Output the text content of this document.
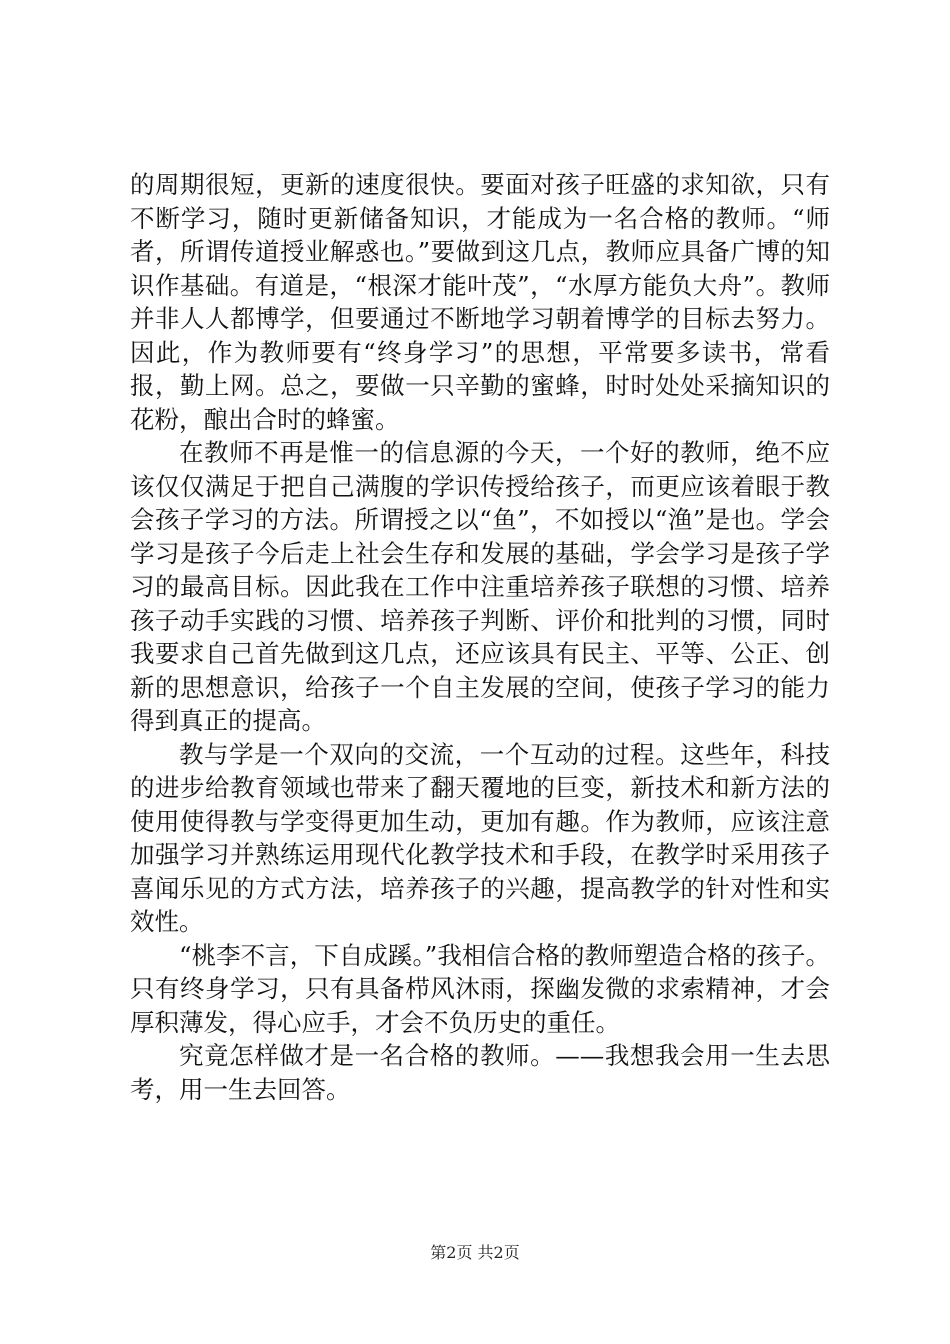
的周期很短，更新的速度很快。要面对孩子旺盛的求知欲，只有不断学习，随时更新储备知识，才能成为一名合格的教师。“师者，所谓传道授业解惑也。”要做到这几点，教师应具备广博的知识作基础。有道是，“根深才能叶茂”，“水厚方能负大舟”。教师并非人人都博学，但要通过不断地学习朝着博学的目标去努力。因此，作为教师要有“终身学习”的思想，平常要多读书，常看报，勤上网。总之，要做一只辛勤的蜜蜂，时时处处采摘知识的花粉，酿出合时的蜂蜜。

在教师不再是惟一的信息源的今天，一个好的教师，绝不应该仅仅满足于把自己满腹的学识传授给孩子，而更应该着眼于教会孩子学习的方法。所谓授之以“鱼”，不如授以“渔”是也。学会学习是孩子今后走上社会生存和发展的基础，学会学习是孩子学习的最高目标。因此我在工作中注重培养孩子联想的习惯、培养孩子动手实践的习惯、培养孩子判断、评价和批判的习惯，同时我要求自己首先做到这几点，还应该具有民主、平等、公正、创新的思想意识，给孩子一个自主发展的空间，使孩子学习的能力得到真正的提高。

教与学是一个双向的交流，一个互动的过程。这些年，科技的进步给教育领域也带来了翻天覆地的巨变，新技术和新方法的使用使得教与学变得更加生动，更加有趣。作为教师，应该注意加强学习并熟练运用现代化教学技术和手段，在教学时采用孩子喜闻乐见的方式方法，培养孩子的兴趣，提高教学的针对性和实效性。

“桃李不言，下自成蹊。”我相信合格的教师塑造合格的孩子。只有终身学习，只有具备栉风沐雨，探幽发微的求索精神，才会厚积薄发，得心应手，才会不负历史的重任。

究竟怎样做才是一名合格的教师。——我想我会用一生去思考，用一生去回答。

第2页 共2页
